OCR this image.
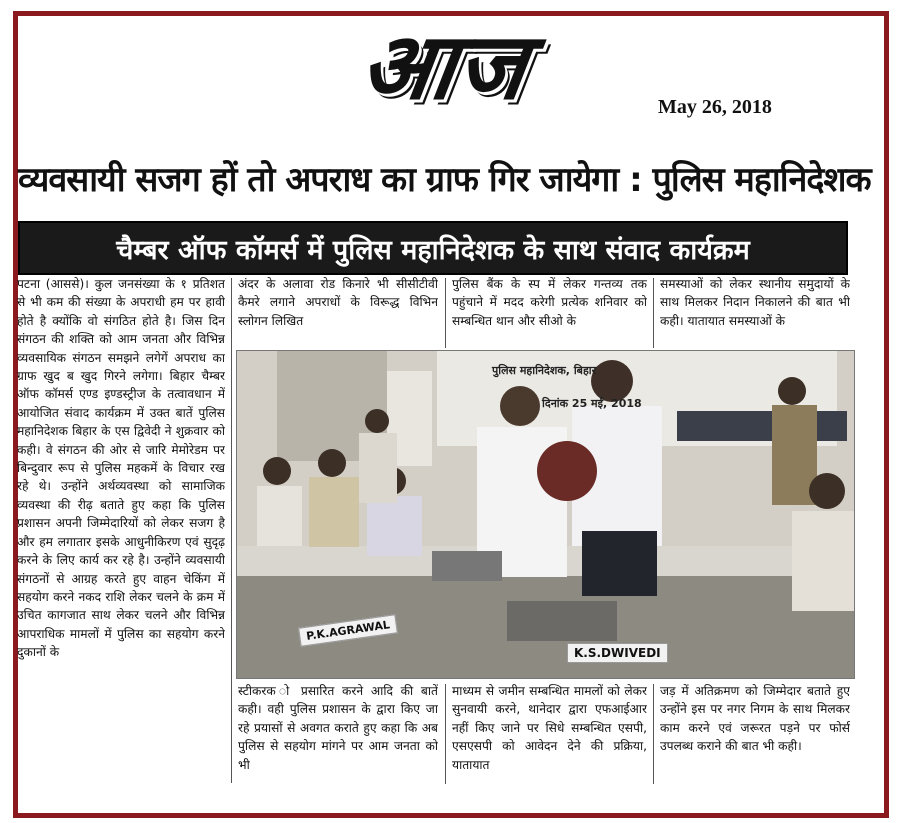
आज	May 26, 2018
व्यवसायी सजग हों तो अपराध का ग्राफ गिर जायेगा : पुलिस महानिदेशक
चैम्बर ऑफ कॉमर्स में पुलिस महानिदेशक के साथ संवाद कार्यक्रम

पटना (आससे)। कुल जनसंख्या के १ प्रतिशत से भी कम की संख्या के अपराधी हम पर हावी होते है क्योंकि वो संगठित होते है। जिस दिन संगठन की शक्ति को आम जनता और विभिन्न व्यवसायिक संगठन समझने लगेगें अपराध का ग्राफ खुद ब खुद गिरने लगेगा। बिहार चैम्बर ऑफ कॉमर्स एण्ड इण्डस्ट्रीज के तत्वावधान में आयोजित संवाद कार्यक्रम में उक्त बातें पुलिस महानिदेशक बिहार के एस द्विवेदी ने शुक्रवार को कही। वे संगठन की ओर से जारि मेमोरेडम पर बिन्दुवार रूप से पुलिस महकमें के विचार रख रहे थे। उन्होंने अर्थव्यवस्था को सामाजिक व्यवस्था की रीढ़ बताते हुए कहा कि पुलिस प्रशासन अपनी जिम्मेदारियों को लेकर सजग है और हम लगातार इसके आधुनीकिरण एवं सुदृढ़ करने के लिए कार्य कर रहे है। उन्होंने व्यवसायी संगठनों से आग्रह करते हुए वाहन चेकिंग में सहयोग करने नकद राशि लेकर चलने के क्रम में उचित कागजात साथ लेकर चलने और विभिन्न आपराधिक मामलों में पुलिस का सहयोग करने दुकानों के

अंदर के अलावा रोड किनारे भी सीसीटीवी कैमरे लगाने अपराधों के विरूद्ध विभिन स्लोगन लिखित

पुलिस बैंक के स्प में लेकर गन्तव्य तक पहुंचाने में मदद करेगी प्रत्येक शनिवार को सम्बन्धित थान और सीओ के

समस्याओं को लेकर स्थानीय समुदायों के साथ मिलकर निदान निकालने की बात भी कही। यातायात समस्याओं के

पुलिस महानिदेशक, बिहार
दिनांक 25 मई, 2018
P.K.AGRAWAL
K.S.DWIVEDI

स्टीकरक ो प्रसारित करने आदि की बातें कही। वही पुलिस प्रशासन के द्वारा किए जा रहे प्रयासों से अवगत कराते हुए कहा कि अब पुलिस से सहयोग मांगने पर आम जनता को भी

माध्यम से जमीन सम्बन्धित मामलों को लेकर सुनवायी करने, थानेदार द्वारा एफआईआर नहीं किए जाने पर सिधे सम्बन्धित एसपी, एसएसपी को आवेदन देने की प्रक्रिया, यातायात

जड़ में अतिक्रमण को जिम्मेदार बताते हुए उन्होंने इस पर नगर निगम के साथ मिलकर काम करने एवं जरूरत पड़ने पर फोर्स उपलब्ध कराने की बात भी कही।
